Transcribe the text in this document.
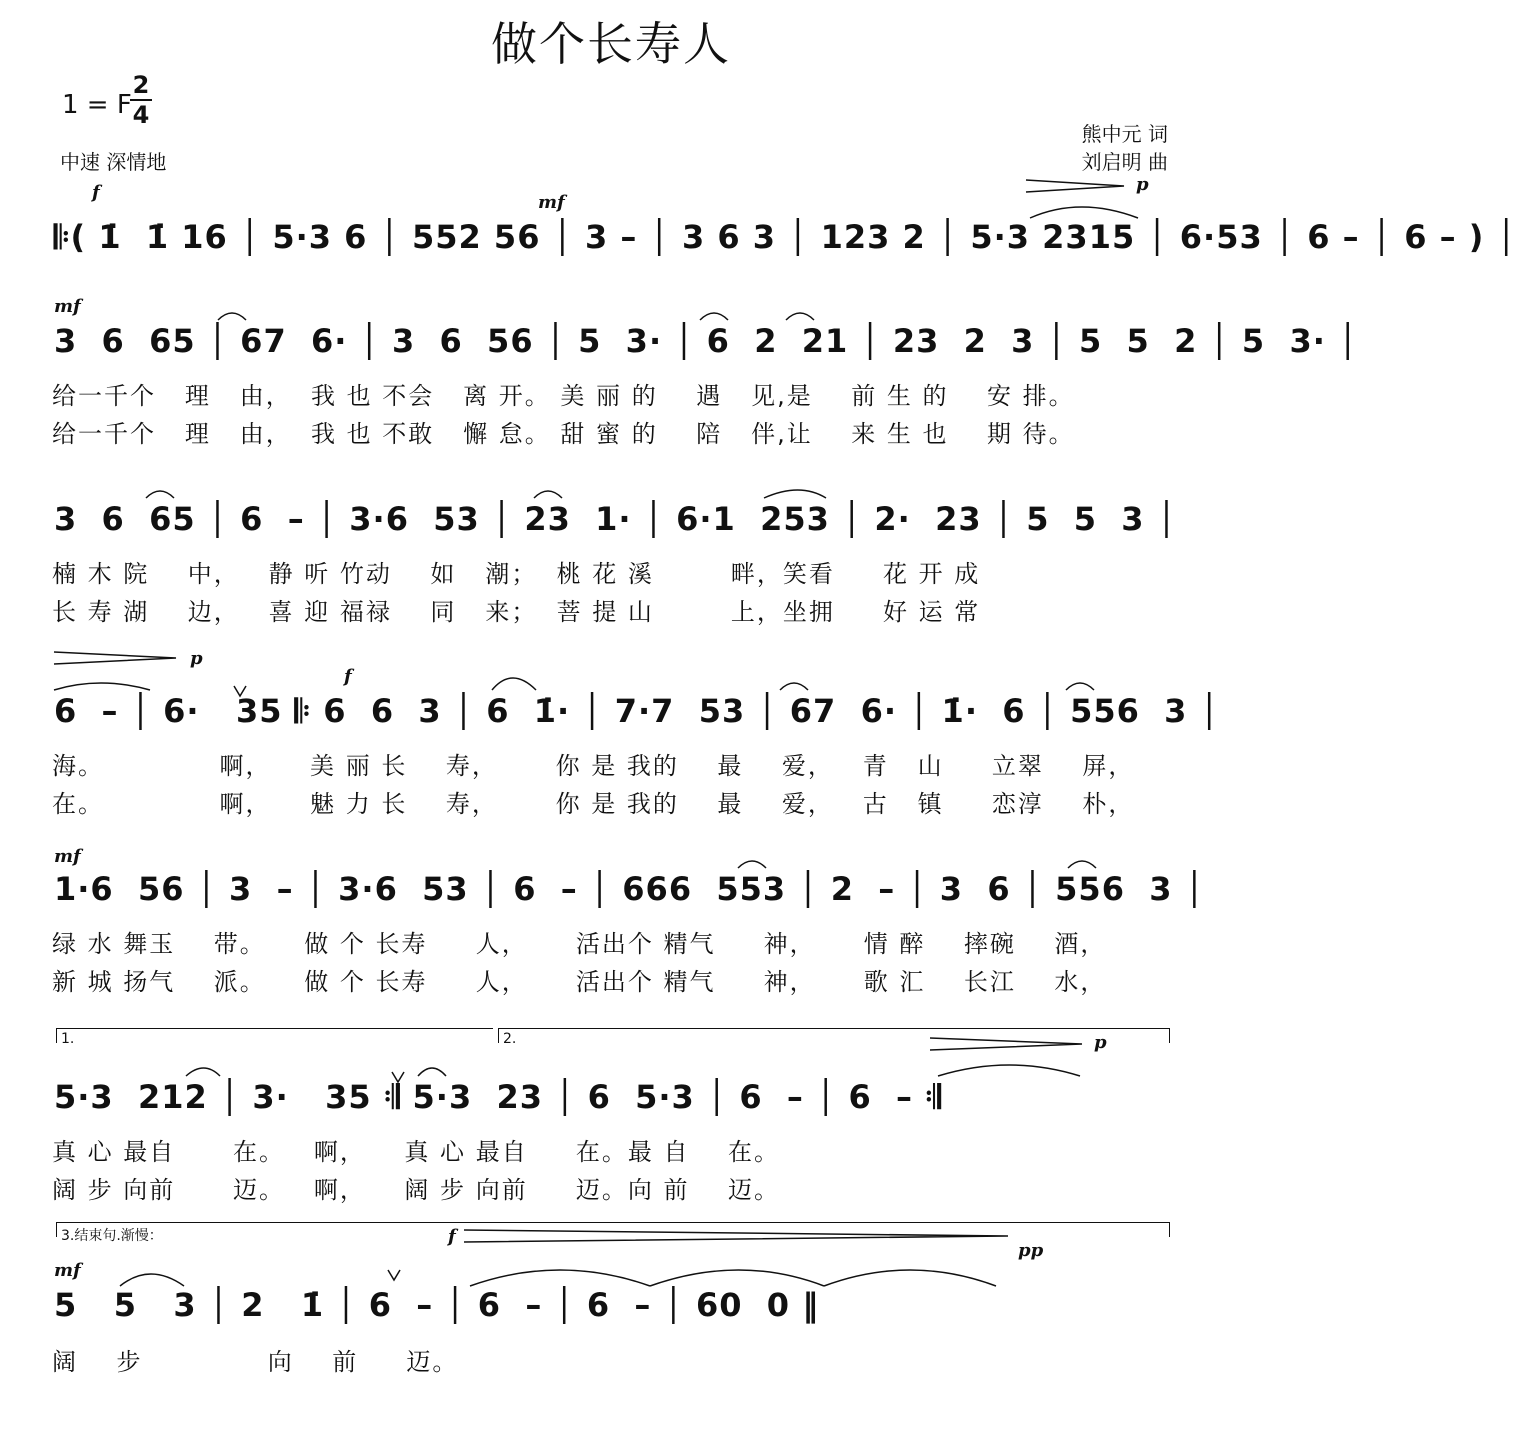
做个长寿人
1 = F
2
4
中速 深情地
熊中元 词
刘启明 曲
f	mf
p
mf
p
f
mf
p
f
pp
mf
𝄆( 1̇  1̇ 16 │ 5·3 6 │ 552 56 │ 3 – │ 3 6 3 │ 123 2 │ 5·3 2315 │ 6·53 │ 6 – │ 6 – ) │
3  6  65 │ 67  6· │ 3  6  56 │ 5  3· │ 6  2  21 │ 23  2  3 │ 5  5  2 │ 5  3· │
给一千个   理   由，  我 也 不会   离 开。 美 丽 的    遇   见,是    前 生 的    安 排。
给一千个   理   由，  我 也 不敢   懈 怠。 甜 蜜 的    陪   伴,让    来 生 也    期 待。
3  6  65 │ 6  – │ 3·6  53 │ 23  1· │ 6·1  253 │ 2·  23 │ 5  5  3 │
楠 木 院    中，   静 听 竹动    如   潮；  桃 花 溪        畔，笑看     花 开 成
长 寿 湖    边，   喜 迎 福禄    同   来；  菩 提 山        上，坐拥     好 运 常
6  – │ 6·   35 𝄆 6  6  3 │ 6  1̇· │ 7·7  53 │ 67  6· │ 1̇·  6 │ 556  3 │
海。            啊，    美 丽 长    寿，      你 是 我的    最    爱，   青   山     立翠    屏，
在。            啊，    魅 力 长    寿，      你 是 我的    最    爱，   古   镇     恋淳    朴，
1·6  56 │ 3  – │ 3·6  53 │ 6  – │ 666  553 │ 2  – │ 3  6 │ 556  3 │
绿 水 舞玉    带。    做 个 长寿     人，     活出个 精气     神，     情 醉    摔碗    酒，
新 城 扬气    派。    做 个 长寿     人，     活出个 精气     神，     歌 汇    长江    水，
1.	2.
5·3  212 │ 3·   35 𝄇 5·3  23 │ 6  5·3 │ 6  – │ 6  – 𝄇
真 心 最自      在。   啊，    真 心 最自     在。最 自    在。
阔 步 向前      迈。   啊，    阔 步 向前     迈。向 前    迈。
3.结束句.渐慢：
5   5   3 │ 2   1̇ │ 6  – │ 6  – │ 6  – │ 60  0 ‖
阔    步             向    前     迈。
